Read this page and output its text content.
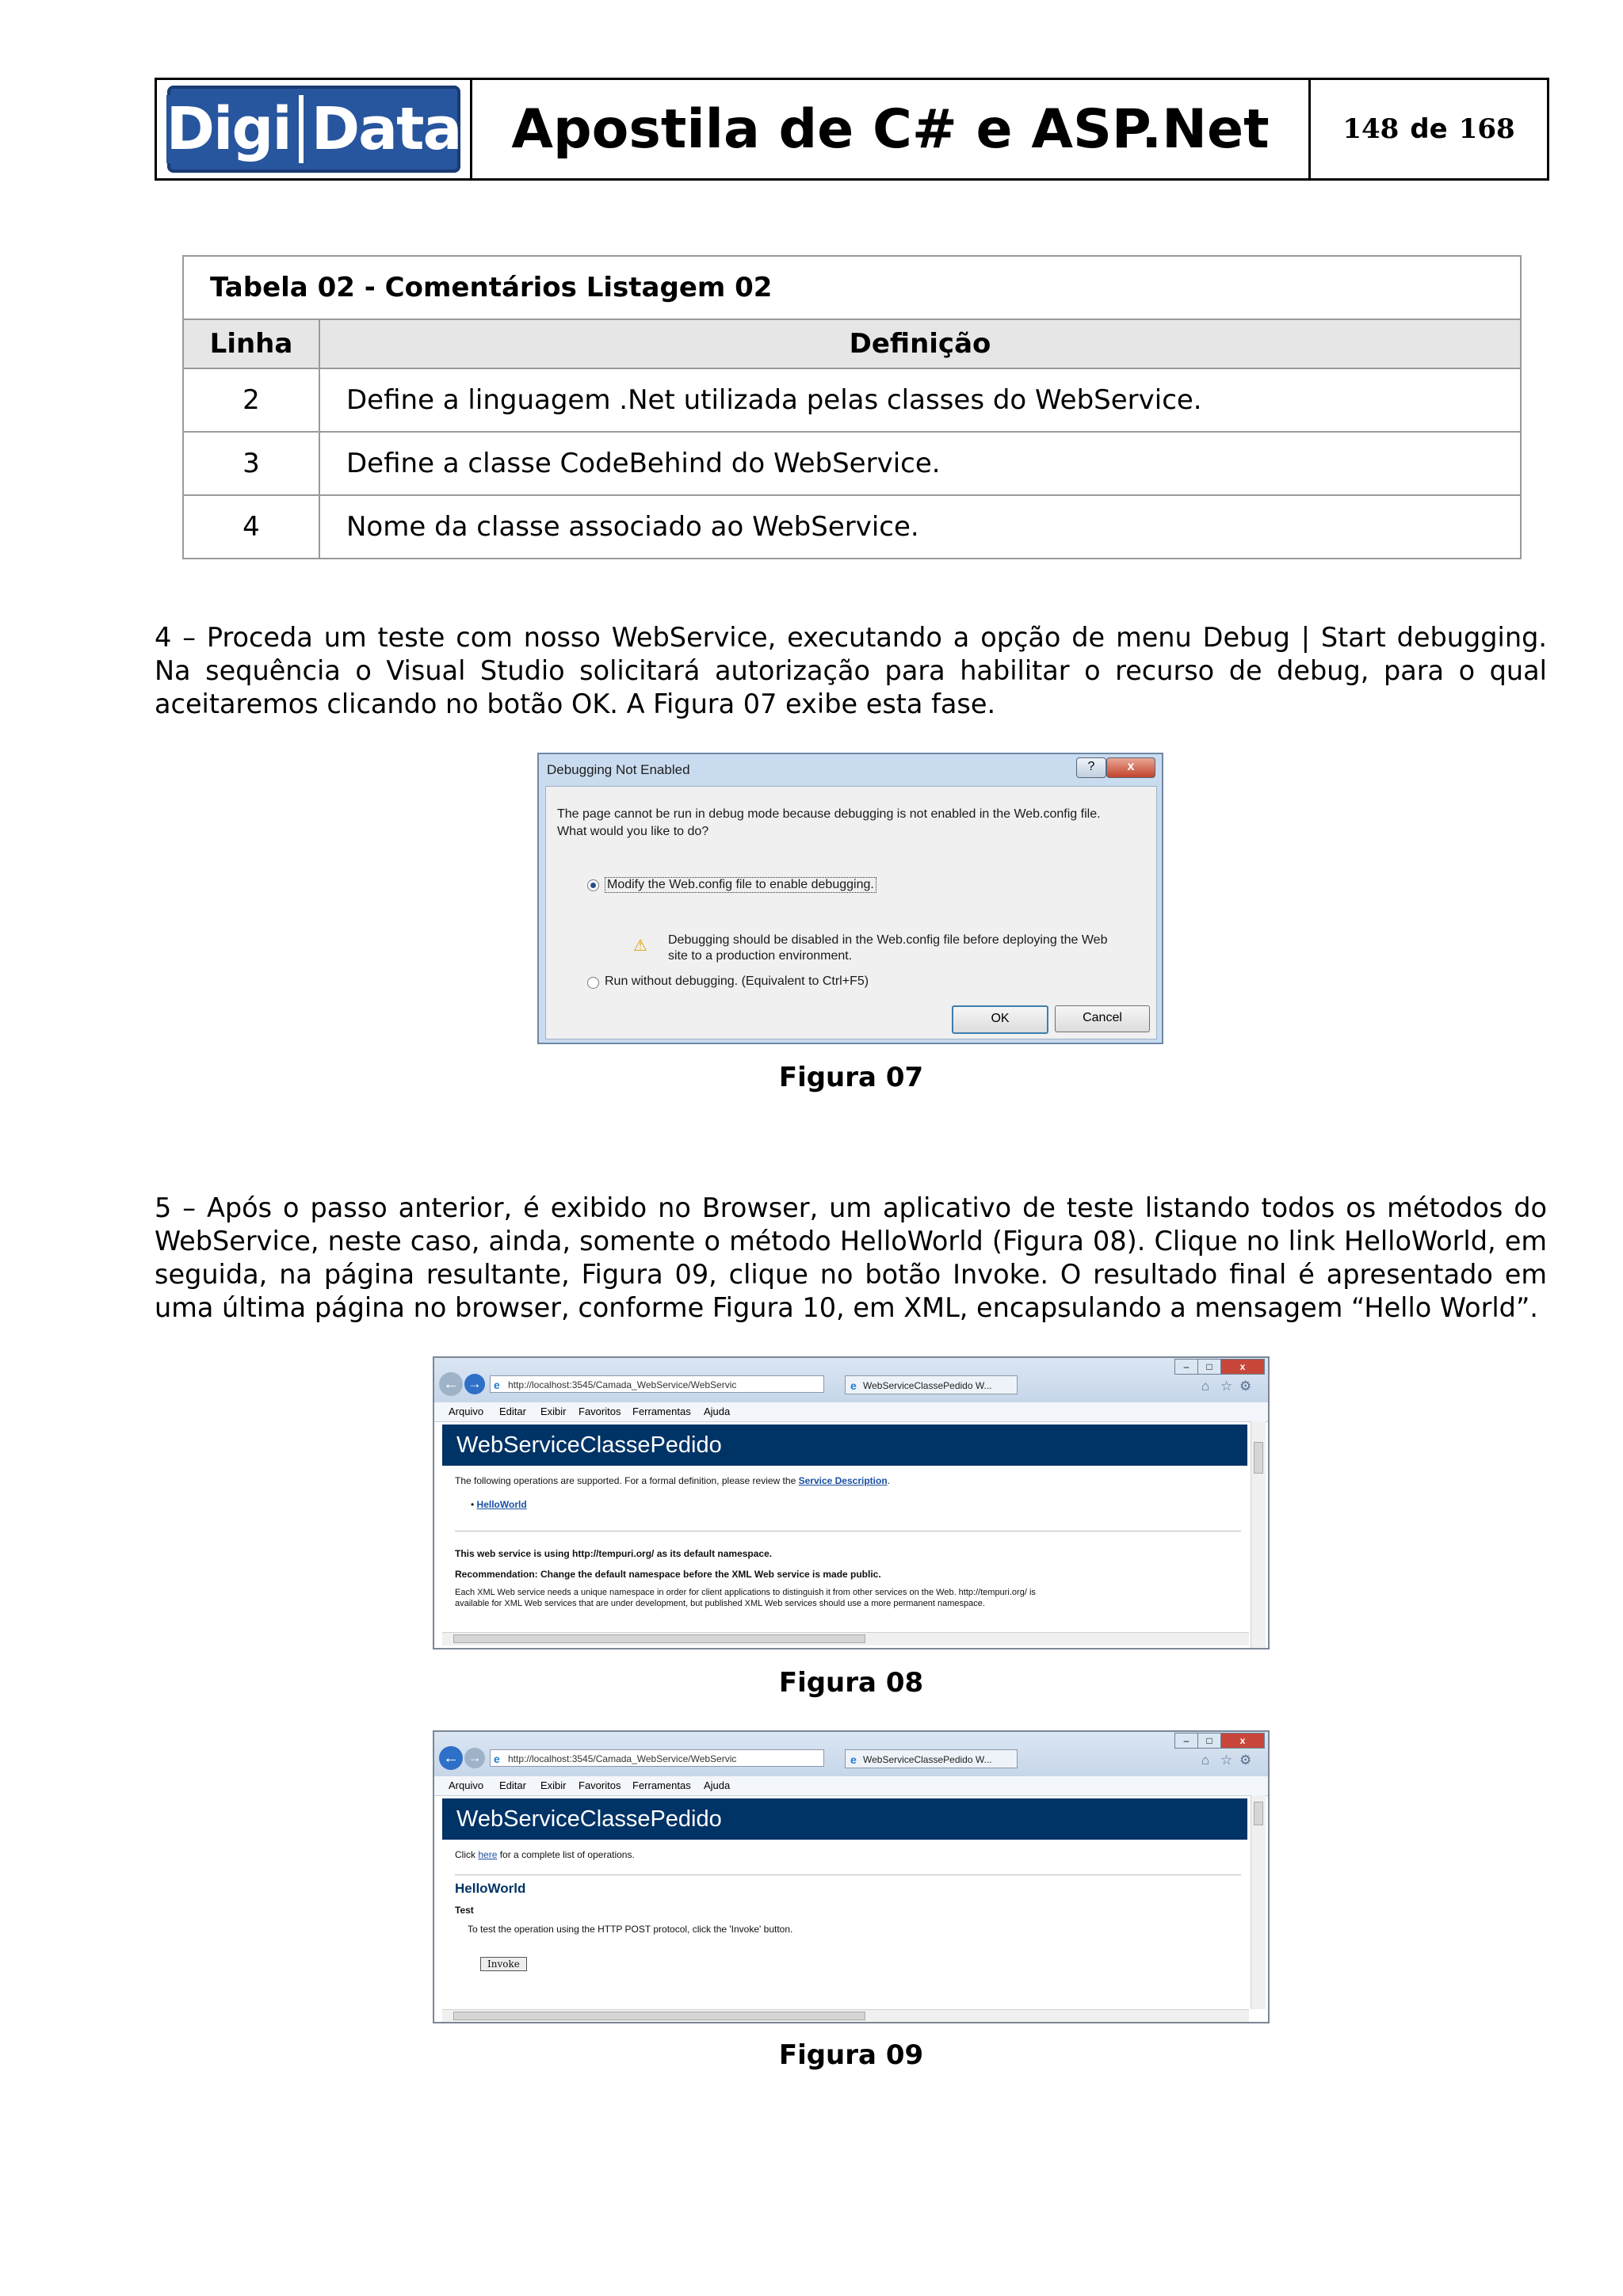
Digi Data Apostila de C# e ASP.Net	148 de 168
Tabela 02 - Comentários Listagem 02	
Linha	Definição
2	Define a linguagem .Net utilizada pelas classes do WebService.
3	Define a classe CodeBehind do WebService.
4	Nome da classe associado ao WebService.
4 – Proceda um teste com nosso WebService, executando a opção de menu Debug | Start debugging. Na sequência o Visual Studio solicitará autorização para habilitar o recurso de debug, para o qual aceitaremos clicando no botão OK. A Figura 07 exibe esta fase.
Debugging Not Enabled	?	x
The page cannot be run in debug mode because debugging is not enabled in the Web.config file.
What would you like to do?
Modify the Web.config file to enable debugging.
⚠ Debugging should be disabled in the Web.config file before deploying the Web
site to a production environment.
Run without debugging. (Equivalent to Ctrl+F5)
OK	Cancel
Figura 07
5 – Após o passo anterior, é exibido no Browser, um aplicativo de teste listando todos os métodos do WebService, neste caso, ainda, somente o método HelloWorld (Figura 08). Clique no link HelloWorld, em seguida, na página resultante, Figura 09, clique no botão Invoke. O resultado final é apresentado em uma última página no browser, conforme Figura 10, em XML, encapsulando a mensagem “Hello World”.
← →	e http://localhost:3545/Camada_WebService/WebServic	e WebServiceClassePedido W...
–	□	x
⌂ ☆ ⚙
Arquivo Editar Exibir Favoritos Ferramentas Ajuda
WebServiceClassePedido
The following operations are supported. For a formal definition, please review the Service Description.
• HelloWorld
This web service is using http://tempuri.org/ as its default namespace.
Recommendation: Change the default namespace before the XML Web service is made public.
Each XML Web service needs a unique namespace in order for client applications to distinguish it from other services on the Web. http://tempuri.org/ is
available for XML Web services that are under development, but published XML Web services should use a more permanent namespace.
Figura 08
← →	e http://localhost:3545/Camada_WebService/WebServic	e WebServiceClassePedido W...
–	□	x
⌂ ☆ ⚙
Arquivo Editar Exibir Favoritos Ferramentas Ajuda
WebServiceClassePedido
Click here for a complete list of operations.
HelloWorld
Test
To test the operation using the HTTP POST protocol, click the 'Invoke' button.
Invoke
Figura 09
